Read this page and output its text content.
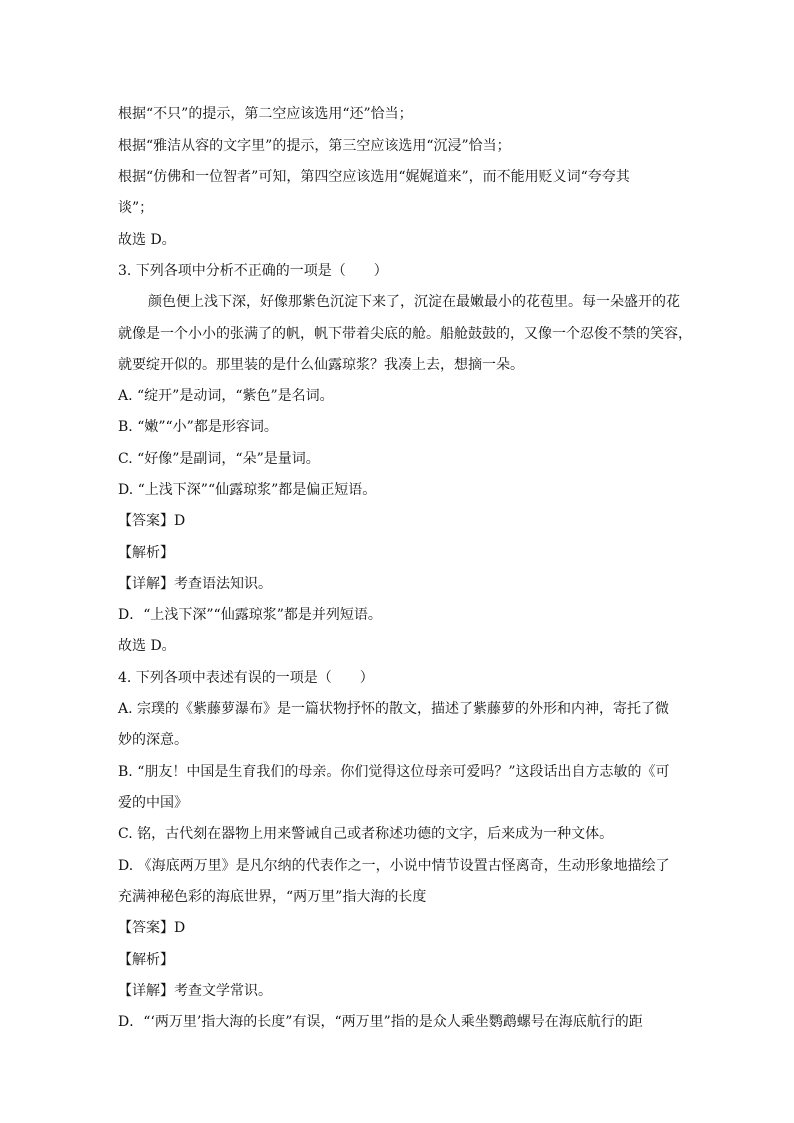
根据“不只”的提示，第二空应该选用“还”恰当；
根据“雅洁从容的文字里”的提示，第三空应该选用“沉浸”恰当；
根据“仿佛和一位智者”可知，第四空应该选用“娓娓道来”，而不能用贬义词“夸夸其
谈”；
故选 D。
3. 下列各项中分析不正确的一项是（　　）
颜色便上浅下深，好像那紫色沉淀下来了，沉淀在最嫩最小的花苞里。每一朵盛开的花
就像是一个小小的张满了的帆，帆下带着尖底的舱。船舱鼓鼓的，又像一个忍俊不禁的笑容，
就要绽开似的。那里装的是什么仙露琼浆？我凑上去，想摘一朵。
A. “绽开”是动词，“紫色”是名词。
B. “嫩”“小”都是形容词。
C. “好像”是副词，“朵”是量词。
D. “上浅下深”“仙露琼浆”都是偏正短语。
【答案】D
【解析】
【详解】考查语法知识。
D．“上浅下深”“仙露琼浆”都是并列短语。
故选 D。
4. 下列各项中表述有误的一项是（　　）
A. 宗璞的《紫藤萝瀑布》是一篇状物抒怀的散文，描述了紫藤萝的外形和内神，寄托了微
妙的深意。
B. “朋友！中国是生育我们的母亲。你们觉得这位母亲可爱吗？”这段话出自方志敏的《可
爱的中国》
C. 铭，古代刻在器物上用来警诫自己或者称述功德的文字，后来成为一种文体。
D. 《海底两万里》是凡尔纳的代表作之一，小说中情节设置古怪离奇，生动形象地描绘了
充满神秘色彩的海底世界，“两万里”指大海的长度
【答案】D
【解析】
【详解】考查文学常识。
D．“‘两万里’指大海的长度”有误，“两万里”指的是众人乘坐鹦鹉螺号在海底航行的距
